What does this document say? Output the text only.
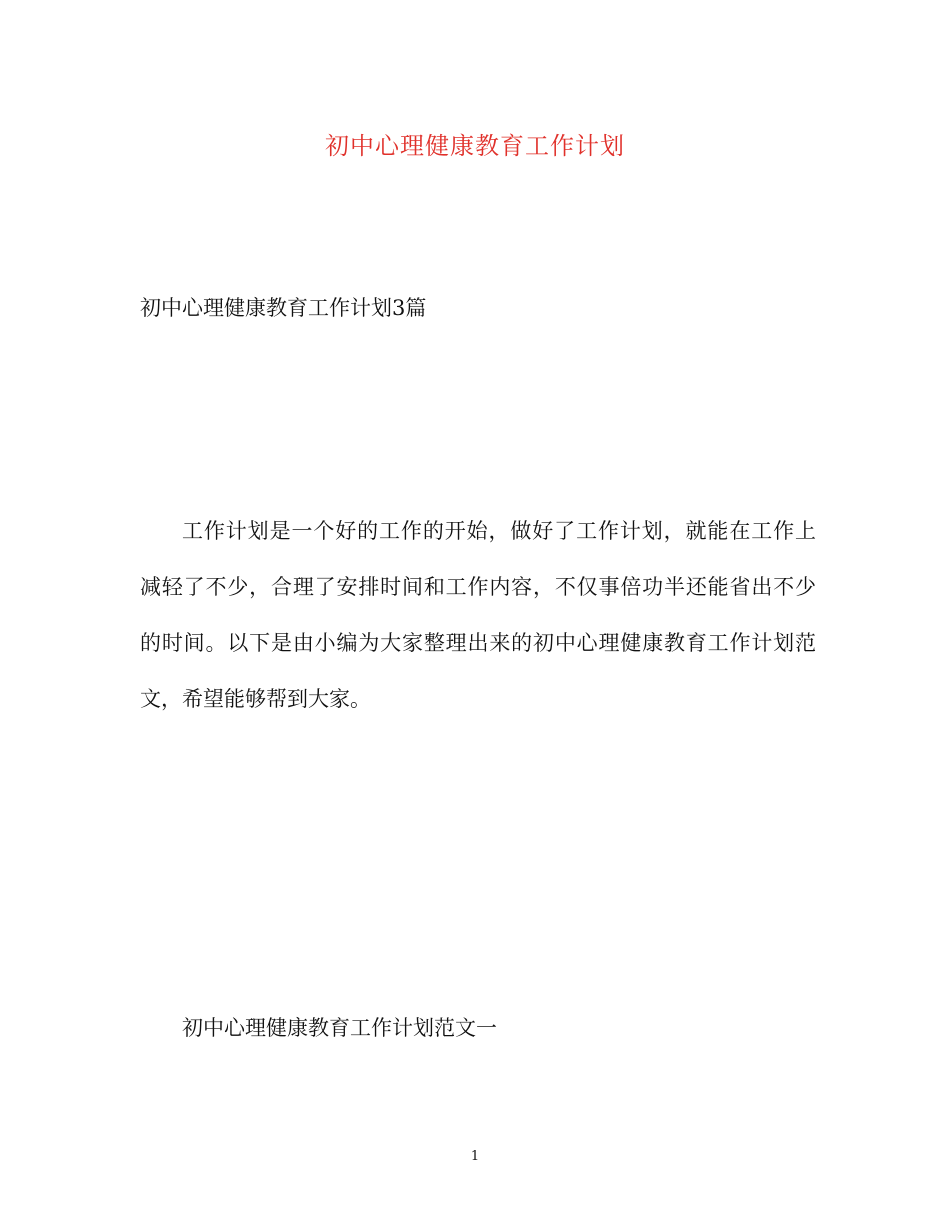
初中心理健康教育工作计划
初中心理健康教育工作计划3篇
工作计划是一个好的工作的开始，做好了工作计划，就能在工作上
减轻了不少，合理了安排时间和工作内容，不仅事倍功半还能省出不少
的时间。以下是由小编为大家整理出来的初中心理健康教育工作计划范
文，希望能够帮到大家。
初中心理健康教育工作计划范文一
1
